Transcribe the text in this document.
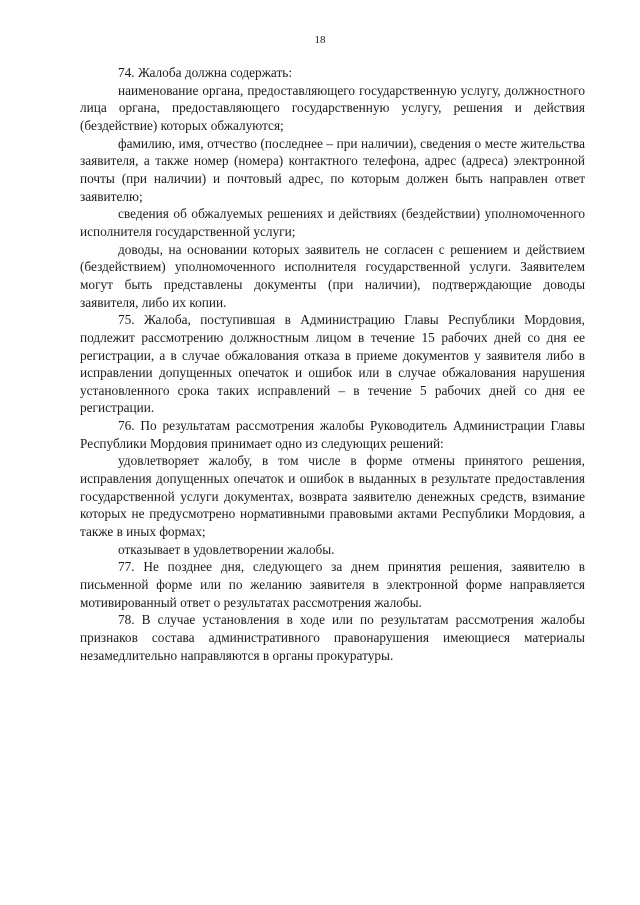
18

74. Жалоба должна содержать:

наименование органа, предоставляющего государственную услугу, должностного лица органа, предоставляющего государственную услугу, решения и действия (бездействие) которых обжалуются;

фамилию, имя, отчество (последнее – при наличии), сведения о месте жительства заявителя, а также номер (номера) контактного телефона, адрес (адреса) электронной почты (при наличии) и почтовый адрес, по которым должен быть направлен ответ заявителю;

сведения об обжалуемых решениях и действиях (бездействии) уполномоченного исполнителя государственной услуги;

доводы, на основании которых заявитель не согласен с решением и действием (бездействием) уполномоченного исполнителя государственной услуги. Заявителем могут быть представлены документы (при наличии), подтверждающие доводы заявителя, либо их копии.

75. Жалоба, поступившая в Администрацию Главы Республики Мордовия, подлежит рассмотрению должностным лицом в течение 15 рабочих дней со дня ее регистрации, а в случае обжалования отказа в приеме документов у заявителя либо в исправлении допущенных опечаток и ошибок или в случае обжалования нарушения установленного срока таких исправлений – в течение 5 рабочих дней со дня ее регистрации.

76. По результатам рассмотрения жалобы Руководитель Администрации Главы Республики Мордовия принимает одно из следующих решений:

удовлетворяет жалобу, в том числе в форме отмены принятого решения, исправления допущенных опечаток и ошибок в выданных в результате предоставления государственной услуги документах, возврата заявителю денежных средств, взимание которых не предусмотрено нормативными правовыми актами Республики Мордовия, а также в иных формах;

отказывает в удовлетворении жалобы.

77. Не позднее дня, следующего за днем принятия решения, заявителю в письменной форме или по желанию заявителя в электронной форме направляется мотивированный ответ о результатах рассмотрения жалобы.

78. В случае установления в ходе или по результатам рассмотрения жалобы признаков состава административного правонарушения имеющиеся материалы незамедлительно направляются в органы прокуратуры.
